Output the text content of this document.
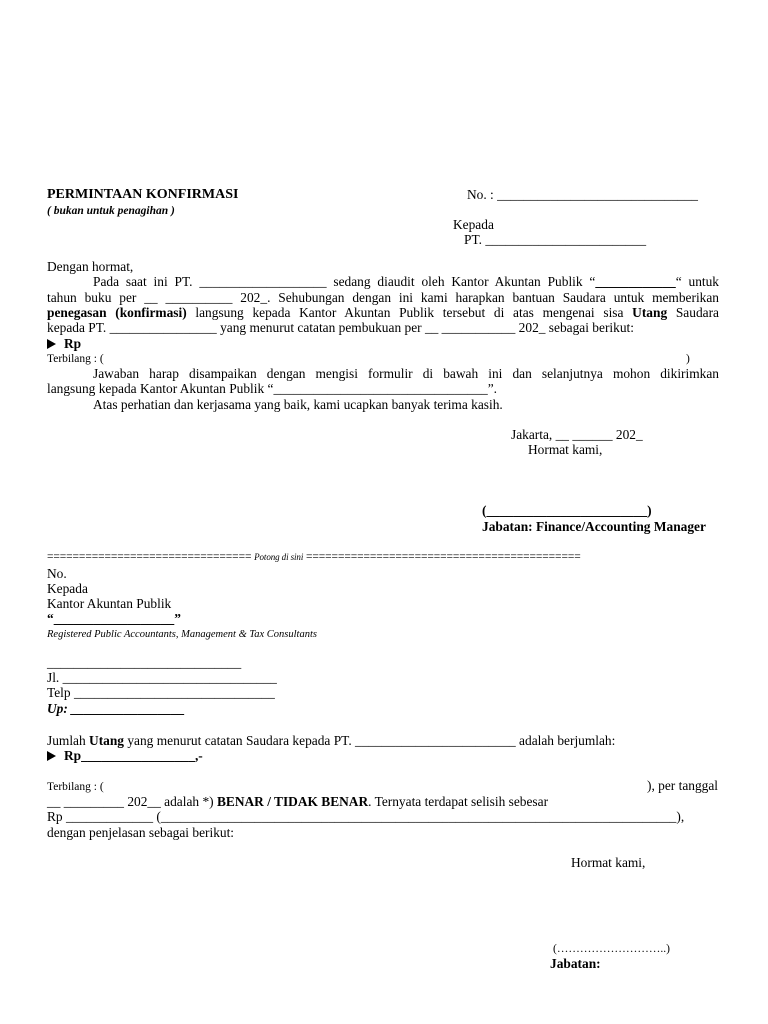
PERMINTAAN KONFIRMASI
( bukan untuk penagihan )
No. : ______________________________
Kepada
PT. ________________________
Dengan hormat,
Pada saat ini PT. ___________________ sedang diaudit oleh Kantor Akuntan Publik “____________“ untuk
tahun buku per __ __________ 202_. Sehubungan dengan ini kami harapkan bantuan Saudara untuk memberikan
penegasan (konfirmasi) langsung kepada Kantor Akuntan Publik tersebut di atas mengenai sisa Utang Saudara
kepada PT. ________________ yang menurut catatan pembukuan per __ ___________ 202_ sebagai berikut:
Rp
Terbilang : (	)
Jawaban harap disampaikan dengan mengisi formulir di bawah ini dan selanjutnya mohon dikirimkan
langsung kepada Kantor Akuntan Publik “________________________________”.
Atas perhatian dan kerjasama yang baik, kami ucapkan banyak terima kasih.
Jakarta, __ ______ 202_
Hormat kami,
(________________________)
Jabatan: Finance/Accounting Manager
================================ Potong di sini ===========================================
No.
Kepada
Kantor Akuntan Publik
“__________________”
Registered Public Accountants, Management & Tax Consultants
_____________________________
Jl. ________________________________
Telp ______________________________
Up: _________________
Jumlah Utang yang menurut catatan Saudara kepada PT. ________________________ adalah berjumlah:
Rp_________________,-
Terbilang : (	), per tanggal
__ _________ 202__ adalah *) BENAR / TIDAK BENAR. Ternyata terdapat selisih sebesar
Rp _____________ (_____________________________________________________________________________),
dengan penjelasan sebagai berikut:
Hormat kami,
(………………………..)
Jabatan:
